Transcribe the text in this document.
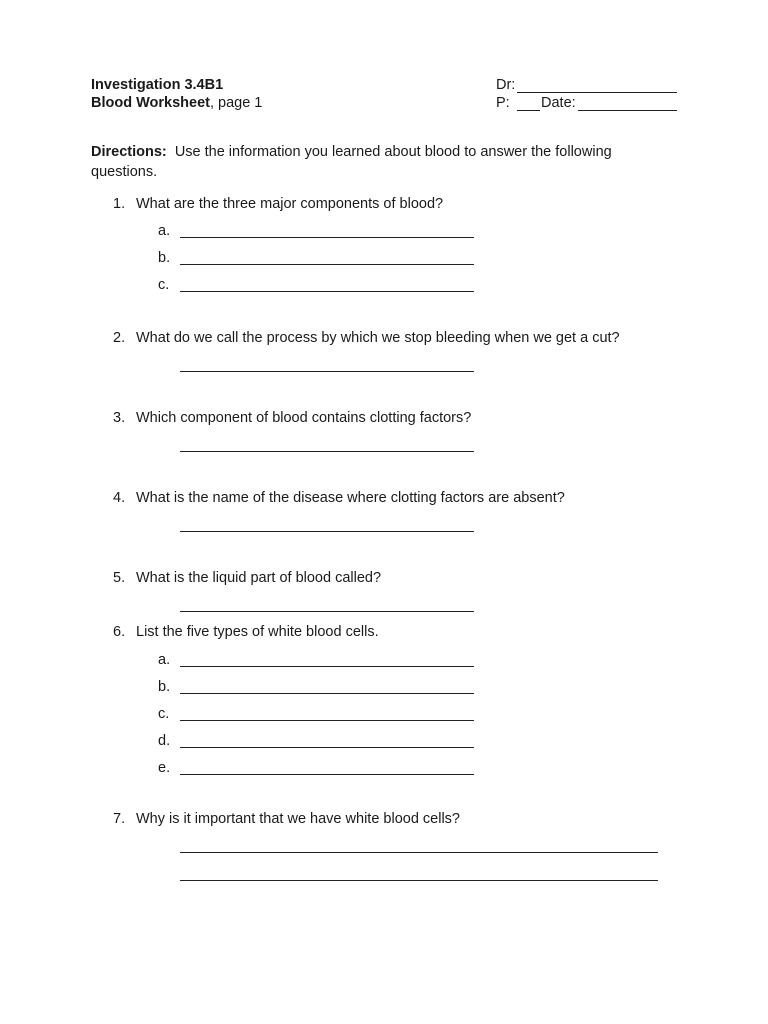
Investigation 3.4B1
Blood Worksheet, page 1
Dr:
P: Date:
Directions: Use the information you learned about blood to answer the following
questions.
1. What are the three major components of blood?
a.
b.
c.
2. What do we call the process by which we stop bleeding when we get a cut?
3. Which component of blood contains clotting factors?
4. What is the name of the disease where clotting factors are absent?
5. What is the liquid part of blood called?
6. List the five types of white blood cells.
a.
b.
c.
d.
e.
7. Why is it important that we have white blood cells?
